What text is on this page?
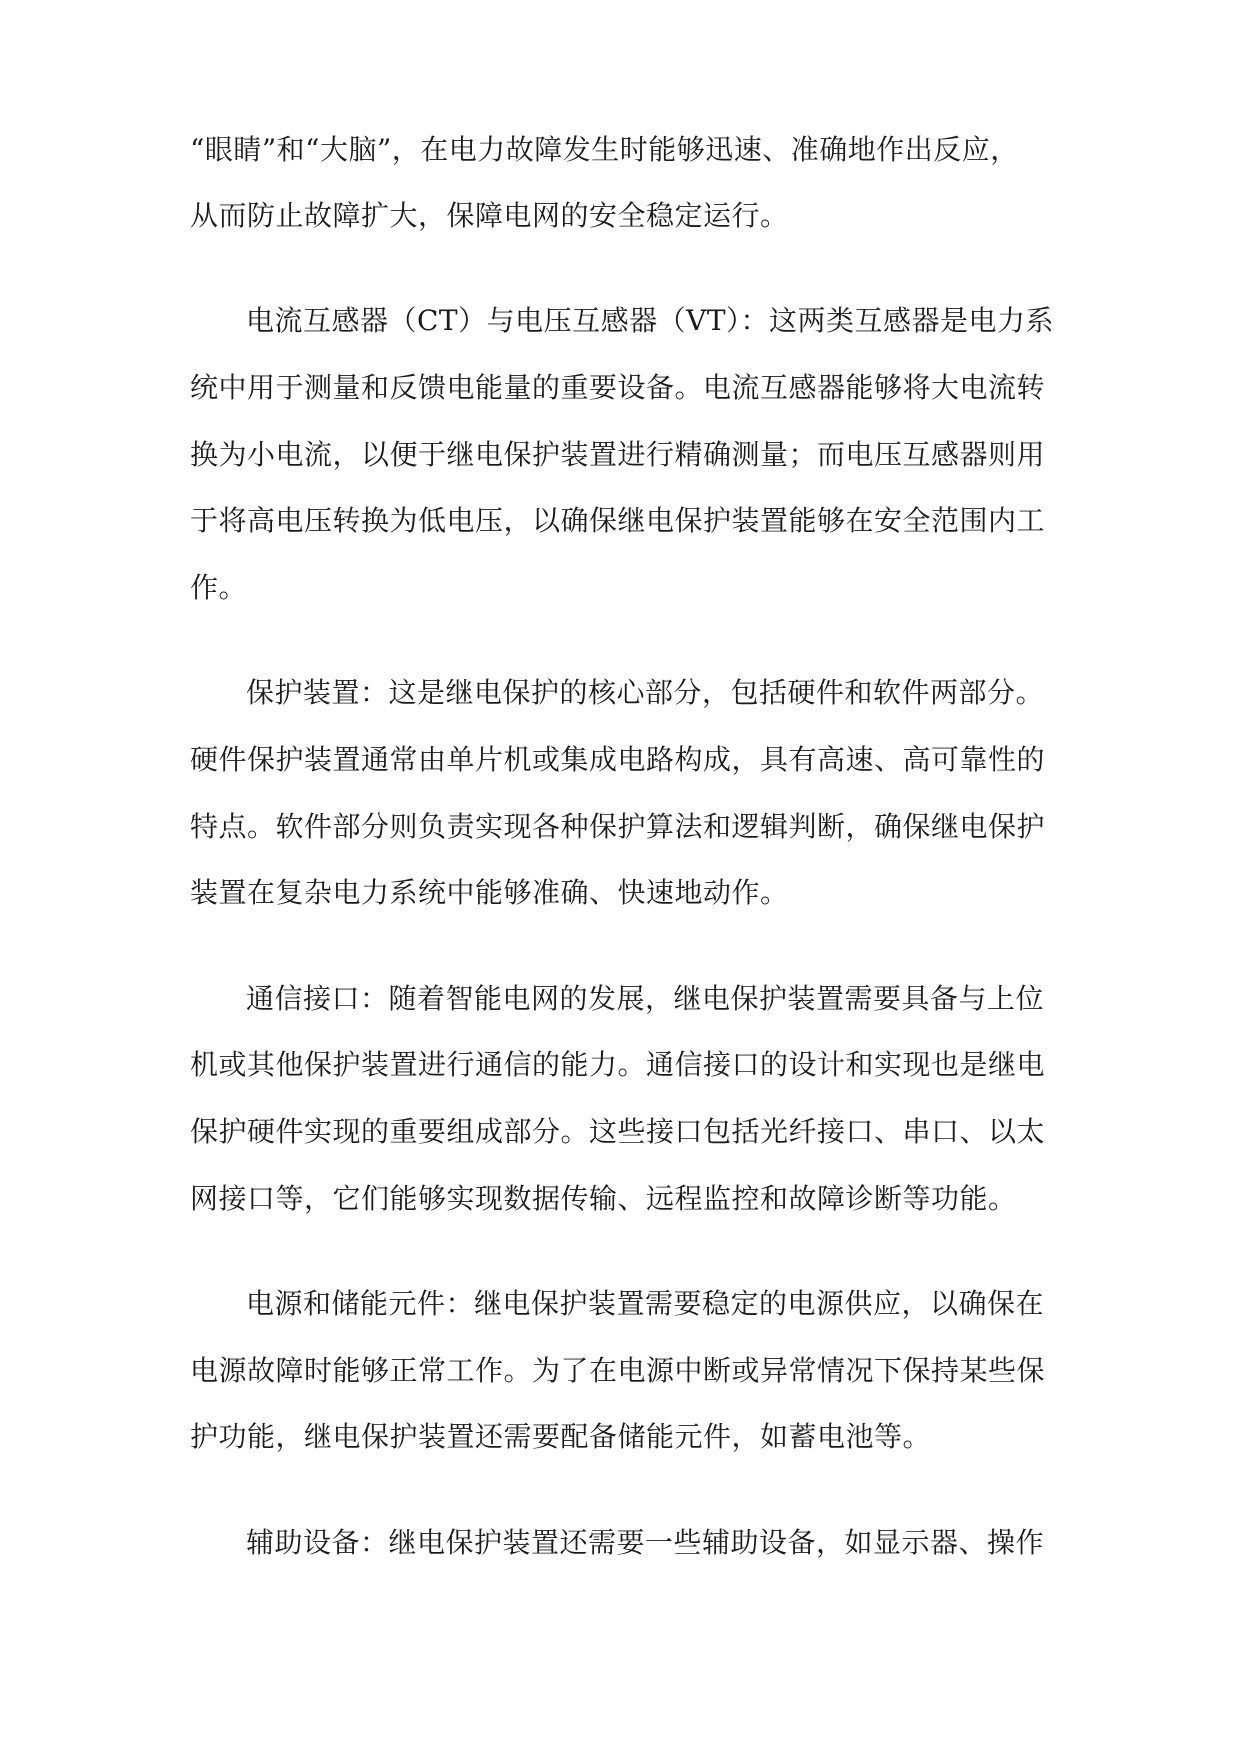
“眼睛”和“大脑”，在电力故障发生时能够迅速、准确地作出反应，
从而防止故障扩大，保障电网的安全稳定运行。
电流互感器（CT）与电压互感器（VT）：这两类互感器是电力系
统中用于测量和反馈电能量的重要设备。电流互感器能够将大电流转
换为小电流，以便于继电保护装置进行精确测量；而电压互感器则用
于将高电压转换为低电压，以确保继电保护装置能够在安全范围内工
作。
保护装置：这是继电保护的核心部分，包括硬件和软件两部分。
硬件保护装置通常由单片机或集成电路构成，具有高速、高可靠性的
特点。软件部分则负责实现各种保护算法和逻辑判断，确保继电保护
装置在复杂电力系统中能够准确、快速地动作。
通信接口：随着智能电网的发展，继电保护装置需要具备与上位
机或其他保护装置进行通信的能力。通信接口的设计和实现也是继电
保护硬件实现的重要组成部分。这些接口包括光纤接口、串口、以太
网接口等，它们能够实现数据传输、远程监控和故障诊断等功能。
电源和储能元件：继电保护装置需要稳定的电源供应，以确保在
电源故障时能够正常工作。为了在电源中断或异常情况下保持某些保
护功能，继电保护装置还需要配备储能元件，如蓄电池等。
辅助设备：继电保护装置还需要一些辅助设备，如显示器、操作
